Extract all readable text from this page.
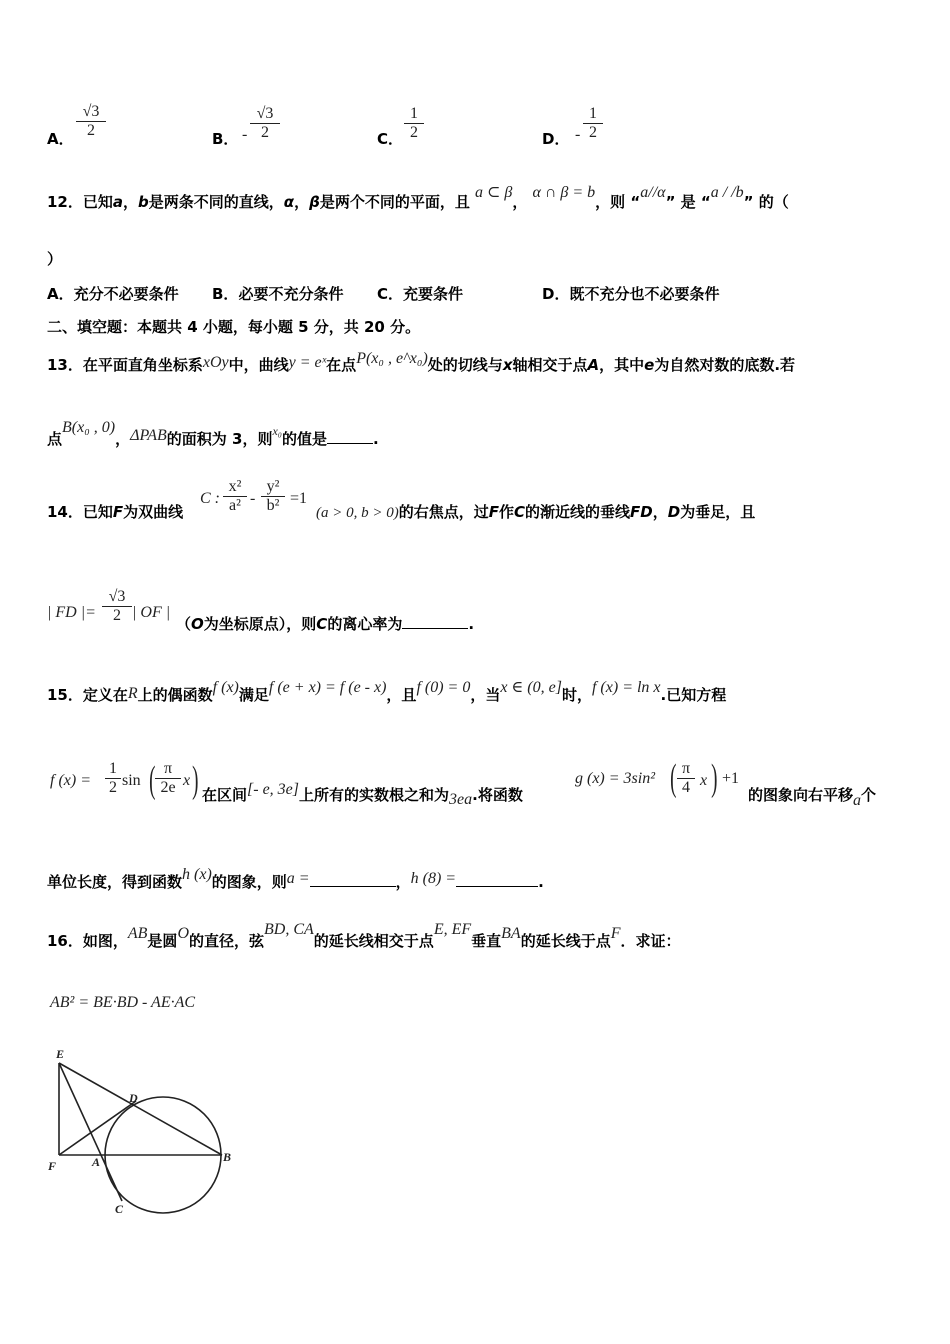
A． $\frac{√3}{2}$	B． - $\frac{√3}{2}$	C． $\frac{1}{2}$	D． - $\frac{1}{2}$
12．已知a，b是两条不同的直线，α，β是两个不同的平面，且 a ⊂ β， α ∩ β = b，则 “a//α” 是 “a / /b” 的（
）
A．充分不必要条件 B．必要不充分条件 C．充要条件	D．既不充分也不必要条件
二、填空题：本题共 4 小题，每小题 5 分，共 20 分。
13．在平面直角坐标系xOy中，曲线y = eˣ在点P(x₀ , e^x₀)处的切线与x轴相交于点A，其中e为自然对数的底数.若
点B(x₀ , 0)，ΔPAB的面积为 3，则$^{x_0}$的值是	.
14．已知F为双曲线
C : $\frac{\text{x²}}{\text{a²}} - \frac{\text{y²}}{\text{b²}} =1$
(a > 0, b > 0)的右焦点，过F作C的渐近线的垂线FD，D为垂足，且
| FD |= $\frac{√3}{2}$ | OF |
（O为坐标原点），则C的离心率为	.
15．定义在R上的偶函数f (x)满足f (e + x) = f (e - x)，且f (0) = 0，当x ∈ (0, e]时，f (x) = ln x.已知方程
f $(x) = \frac{1}{2}$ sin ( $\frac{\pi}{2e}$ x ) 在区间[- e, 3e]上所有的实数根之和为3ea.将函数
g (x) = 3sin² ( $\frac{\pi}{4}$ x ) +1
的图象向右平移a个
单位长度，得到函数h (x)的图象，则a =	，h (8) =	.
16．如图，AB是圆O的直径，弦BD, CA的延长线相交于点E, EF垂直BA的延长线于点F．求证：
AB² = BE·BD - AE·AC
E
D
F	A	B
C
